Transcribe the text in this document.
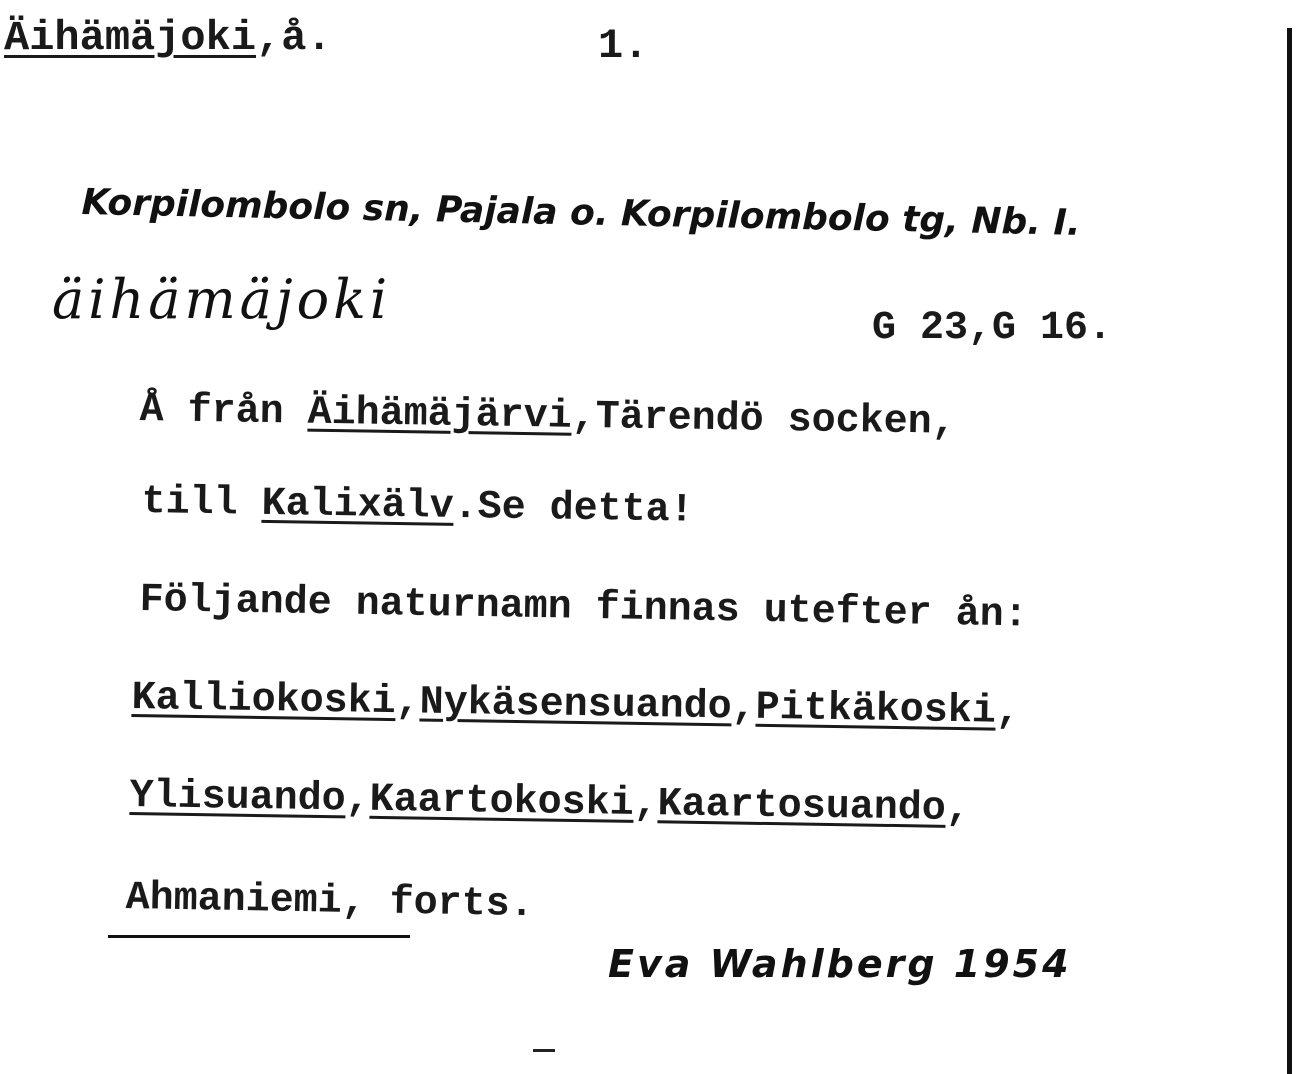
Äihämäjoki,å.	1.
Korpilombolo sn, Pajala o. Korpilombolo tg, Nb. I.
äihämäjoki	G 23,G 16.
Å från Äihämäjärvi,Tärendö socken,
till Kalixälv.Se detta!
Följande naturnamn finnas utefter ån:
Kalliokoski,Nykäsensuando,Pitkäkoski,
Ylisuando,Kaartokoski,Kaartosuando,
Ahmaniemi, forts.
Eva Wahlberg 1954
